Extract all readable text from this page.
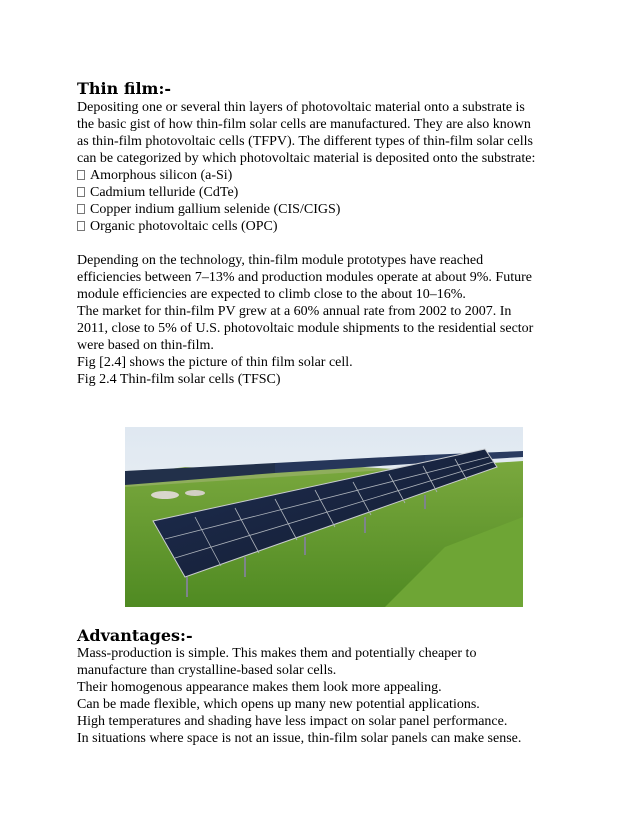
Thin film:-
Depositing one or several thin layers of photovoltaic material onto a substrate is
the basic gist of how thin-film solar cells are manufactured. They are also known
as thin-film photovoltaic cells (TFPV). The different types of thin-film solar cells
can be categorized by which photovoltaic material is deposited onto the substrate:
Amorphous silicon (a-Si)
Cadmium telluride (CdTe)
Copper indium gallium selenide (CIS/CIGS)
Organic photovoltaic cells (OPC)
Depending on the technology, thin-film module prototypes have reached
efficiencies between 7–13% and production modules operate at about 9%. Future
module efficiencies are expected to climb close to the about 10–16%.
The market for thin-film PV grew at a 60% annual rate from 2002 to 2007. In
2011, close to 5% of U.S. photovoltaic module shipments to the residential sector
were based on thin-film.
Fig [2.4] shows the picture of thin film solar cell.
Fig 2.4 Thin-film solar cells (TFSC)
Advantages:-
Mass-production is simple. This makes them and potentially cheaper to
manufacture than crystalline-based solar cells.
Their homogenous appearance makes them look more appealing.
Can be made flexible, which opens up many new potential applications.
High temperatures and shading have less impact on solar panel performance.
In situations where space is not an issue, thin-film solar panels can make sense.
